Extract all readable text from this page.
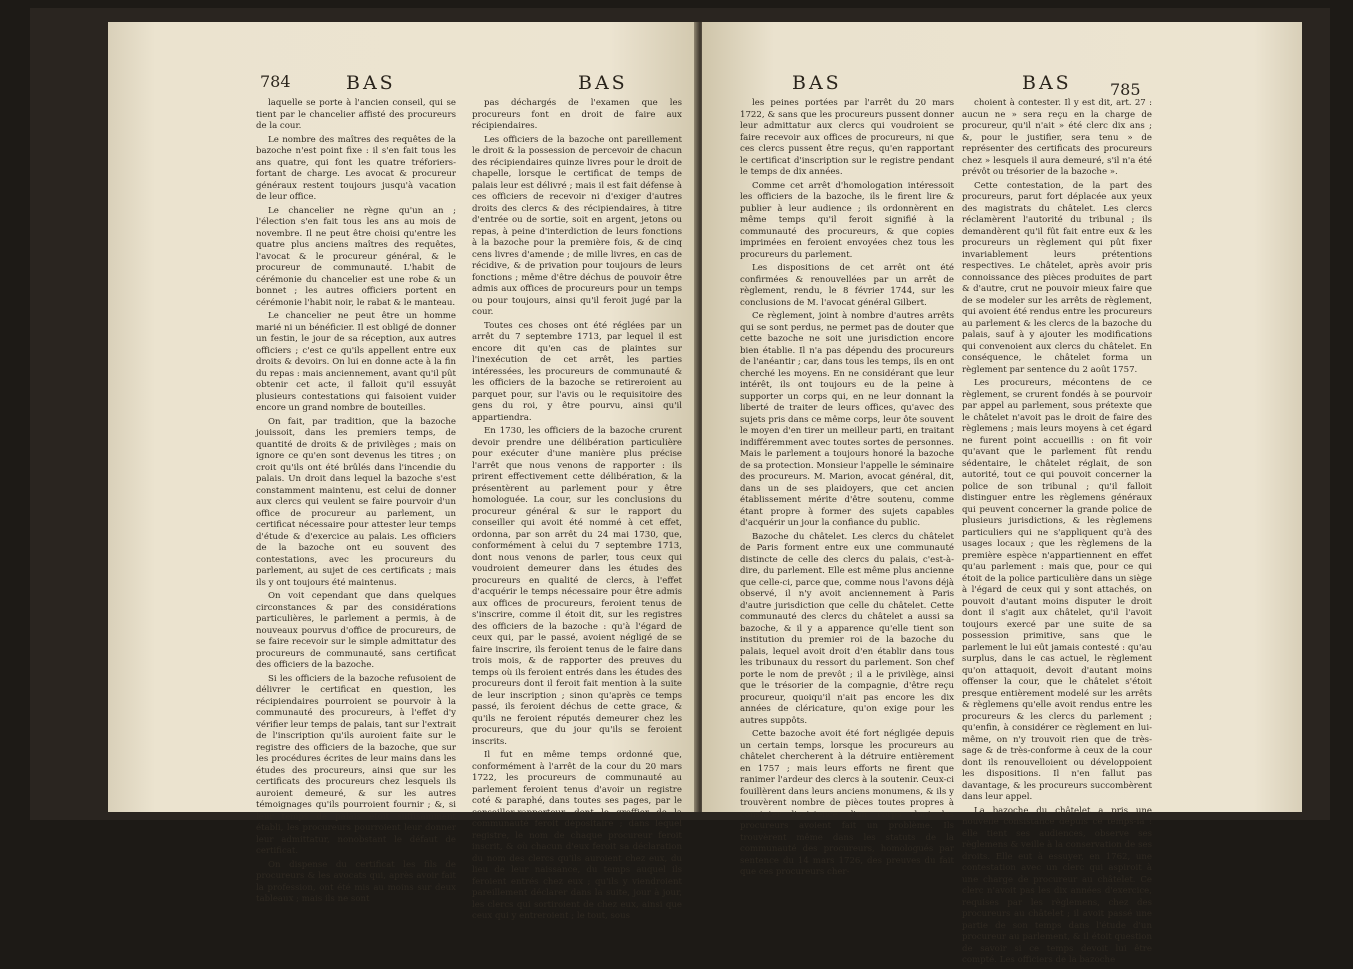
784	BAS	BAS

laquelle se porte à l'ancien conseil, qui se tient par le chancelier affisté des procureurs de la cour.

Le nombre des maîtres des requêtes de la bazoche n'est point fixe : il s'en fait tous les ans quatre, qui font les quatre tréforiers-fortant de charge. Les avocat & procureur généraux restent toujours jusqu'à vacation de leur office.

Le chancelier ne règne qu'un an ; l'élection s'en fait tous les ans au mois de novembre. Il ne peut être choisi qu'entre les quatre plus anciens maîtres des requêtes, l'avocat & le procureur général, & le procureur de communauté. L'habit de cérémonie du chancelier est une robe & un bonnet ; les autres officiers portent en cérémonie l'habit noir, le rabat & le manteau.

Le chancelier ne peut être un homme marié ni un bénéficier. Il est obligé de donner un festin, le jour de sa réception, aux autres officiers ; c'est ce qu'ils appellent entre eux droits & devoirs. On lui en donne acte à la fin du repas : mais anciennement, avant qu'il pût obtenir cet acte, il falloit qu'il essuyât plusieurs contestations qui faisoient vuider encore un grand nombre de bouteilles.

On fait, par tradition, que la bazoche jouissoit, dans les premiers temps, de quantité de droits & de privilèges ; mais on ignore ce qu'en sont devenus les titres ; on croit qu'ils ont été brûlés dans l'incendie du palais. Un droit dans lequel la bazoche s'est constamment maintenu, est celui de donner aux clercs qui veulent se faire pourvoir d'un office de procureur au parlement, un certificat nécessaire pour attester leur temps d'étude & d'exercice au palais. Les officiers de la bazoche ont eu souvent des contestations, avec les procureurs du parlement, au sujet de ces certificats ; mais ils y ont toujours été maintenus.

On voit cependant que dans quelques circonstances & par des considérations particulières, le parlement a permis, à de nouveaux pourvus d'office de procureurs, de se faire recevoir sur le simple admittatur des procureurs de communauté, sans certificat des officiers de la bazoche.

Si les officiers de la bazoche refusoient de délivrer le certificat en question, les récipiendaires pourroient se pourvoir à la communauté des procureurs, à l'effet d'y vérifier leur temps de palais, tant sur l'extrait de l'inscription qu'ils auroient faite sur le registre des officiers de la bazoche, que sur les procédures écrites de leur mains dans les études des procureurs, ainsi que sur les certificats des procureurs chez lesquels ils auroient demeuré, & sur les autres témoignages qu'ils pourroient fournir ; &, si leur temps de palais étoit suffisamment établi, les procureurs pourroient leur donner leur admittatur, nonobstant le défaut de certificat.

On dispense du certificat les fils de procureurs & les avocats qui, après avoir fait la profession, ont été mis au moins sur deux tableaux ; mais ils ne sont

pas déchargés de l'examen que les procureurs font en droit de faire aux récipiendaires.

Les officiers de la bazoche ont pareillement le droit & la possession de percevoir de chacun des récipiendaires quinze livres pour le droit de chapelle, lorsque le certificat de temps de palais leur est délivré ; mais il est fait défense à ces officiers de recevoir ni d'exiger d'autres droits des clercs & des récipiendaires, à titre d'entrée ou de sortie, soit en argent, jetons ou repas, à peine d'interdiction de leurs fonctions à la bazoche pour la première fois, & de cinq cens livres d'amende ; de mille livres, en cas de récidive, & de privation pour toujours de leurs fonctions ; même d'être déchus de pouvoir être admis aux offices de procureurs pour un temps ou pour toujours, ainsi qu'il feroit jugé par la cour.

Toutes ces choses ont été réglées par un arrêt du 7 septembre 1713, par lequel il est encore dit qu'en cas de plaintes sur l'inexécution de cet arrêt, les parties intéressées, les procureurs de communauté & les officiers de la bazoche se retireroient au parquet pour, sur l'avis ou le requisitoire des gens du roi, y être pourvu, ainsi qu'il appartiendra.

En 1730, les officiers de la bazoche crurent devoir prendre une délibération particulière pour exécuter d'une manière plus précise l'arrêt que nous venons de rapporter : ils prirent effectivement cette délibération, & la présentèrent au parlement pour y être homologuée. La cour, sur les conclusions du procureur général & sur le rapport du conseiller qui avoit été nommé à cet effet, ordonna, par son arrêt du 24 mai 1730, que, conformément à celui du 7 septembre 1713, dont nous venons de parler, tous ceux qui voudroient demeurer dans les études des procureurs en qualité de clercs, à l'effet d'acquérir le temps nécessaire pour être admis aux offices de procureurs, feroient tenus de s'inscrire, comme il étoit dit, sur les registres des officiers de la bazoche : qu'à l'égard de ceux qui, par le passé, avoient négligé de se faire inscrire, ils feroient tenus de le faire dans trois mois, & de rapporter des preuves du temps où ils feroient entrés dans les études des procureurs dont il feroit fait mention à la suite de leur inscription ; sinon qu'après ce temps passé, ils feroient déchus de cette grace, & qu'ils ne feroient réputés demeurer chez les procureurs, que du jour qu'ils se feroient inscrits.

Il fut en même temps ordonné que, conformément à l'arrêt de la cour du 20 mars 1722, les procureurs de communauté au parlement feroient tenus d'avoir un registre coté & paraphé, dans toutes ses pages, par le conseiller-rapporteur, dont le greffier de la communauté feroit dépositaire ; dans lequel registre, le nom de chaque procureur feroit inscrit, & où chacun d'eux feroit sa déclaration du nom des clercs qu'ils auroient chez eux, du lieu de leur naissance, du temps auquel ils feroient entrés chez eux ; qu'ils y viendroient pareillement déclarer dans la suite, jour à jour, les clercs qui sortiroient de chez eux, ainsi que ceux qui y entreroient ; le tout, sous

BAS	BAS 785

les peines portées par l'arrêt du 20 mars 1722, & sans que les procureurs pussent donner leur admittatur aux clercs qui voudroient se faire recevoir aux offices de procureurs, ni que ces clercs pussent être reçus, qu'en rapportant le certificat d'inscription sur le registre pendant le temps de dix années.

Comme cet arrêt d'homologation intéressoit les officiers de la bazoche, ils le firent lire & publier à leur audience ; ils ordonnèrent en même temps qu'il feroit signifié à la communauté des procureurs, & que copies imprimées en feroient envoyées chez tous les procureurs du parlement.

Les dispositions de cet arrêt ont été confirmées & renouvellées par un arrêt de règlement, rendu, le 8 février 1744, sur les conclusions de M. l'avocat général Gilbert.

Ce règlement, joint à nombre d'autres arrêts qui se sont perdus, ne permet pas de douter que cette bazoche ne soit une jurisdiction encore bien établie. Il n'a pas dépendu des procureurs de l'anéantir ; car, dans tous les temps, ils en ont cherché les moyens. En ne considérant que leur intérêt, ils ont toujours eu de la peine à supporter un corps qui, en ne leur donnant la liberté de traiter de leurs offices, qu'avec des sujets pris dans ce même corps, leur ôte souvent le moyen d'en tirer un meilleur parti, en traitant indifféremment avec toutes sortes de personnes. Mais le parlement a toujours honoré la bazoche de sa protection. Monsieur l'appelle le séminaire des procureurs. M. Marion, avocat général, dit, dans un de ses plaidoyers, que cet ancien établissement mérite d'être soutenu, comme étant propre à former des sujets capables d'acquérir un jour la confiance du public.

Bazoche du châtelet. Les clercs du châtelet de Paris forment entre eux une communauté distincte de celle des clercs du palais, c'est-à-dire, du parlement. Elle est même plus ancienne que celle-ci, parce que, comme nous l'avons déjà observé, il n'y avoit anciennement à Paris d'autre jurisdiction que celle du châtelet. Cette communauté des clercs du châtelet a aussi sa bazoche, & il y a apparence qu'elle tient son institution du premier roi de la bazoche du palais, lequel avoit droit d'en établir dans tous les tribunaux du ressort du parlement. Son chef porte le nom de prevôt ; il a le privilège, ainsi que le trésorier de la compagnie, d'être reçu procureur, quoiqu'il n'ait pas encore les dix années de cléricature, qu'on exige pour les autres suppôts.

Cette bazoche avoit été fort négligée depuis un certain temps, lorsque les procureurs au châtelet chercherent à la détruire entièrement en 1757 ; mais leurs efforts ne firent que ranimer l'ardeur des clercs à la soutenir. Ceux-ci fouillèrent dans leurs anciens monumens, & ils y trouvèrent nombre de pièces toutes propres à constater l'existence d'un corps dont les procureurs avoient fait un problème. Ils trouvèrent même dans les statuts de la communauté des procureurs, homologués par sentence du 14 mars 1726, des preuves du fait que ces procureurs cher-

choient à contester. Il y est dit, art. 27 : aucun ne » sera reçu en la charge de procureur, qu'il n'ait » été clerc dix ans ; &, pour le justifier, sera tenu » de représenter des certificats des procureurs chez » lesquels il aura demeuré, s'il n'a été prévôt ou trésorier de la bazoche ».

Cette contestation, de la part des procureurs, parut fort déplacée aux yeux des magistrats du châtelet. Les clercs réclamèrent l'autorité du tribunal ; ils demandèrent qu'il fût fait entre eux & les procureurs un règlement qui pût fixer invariablement leurs prétentions respectives. Le châtelet, après avoir pris connoissance des pièces produites de part & d'autre, crut ne pouvoir mieux faire que de se modeler sur les arrêts de règlement, qui avoient été rendus entre les procureurs au parlement & les clercs de la bazoche du palais, sauf à y ajouter les modifications qui convenoient aux clercs du châtelet. En conséquence, le châtelet forma un règlement par sentence du 2 août 1757.

Les procureurs, mécontens de ce règlement, se crurent fondés à se pourvoir par appel au parlement, sous prétexte que le châtelet n'avoit pas le droit de faire des règlemens ; mais leurs moyens à cet égard ne furent point accueillis : on fit voir qu'avant que le parlement fût rendu sédentaire, le châtelet réglait, de son autorité, tout ce qui pouvoit concerner la police de son tribunal ; qu'il falloit distinguer entre les règlemens généraux qui peuvent concerner la grande police de plusieurs jurisdictions, & les règlemens particuliers qui ne s'appliquent qu'à des usages locaux ; que les règlemens de la première espèce n'appartiennent en effet qu'au parlement : mais que, pour ce qui étoit de la police particulière dans un siège à l'égard de ceux qui y sont attachés, on pouvoit d'autant moins disputer le droit dont il s'agit aux châtelet, qu'il l'avoit toujours exercé par une suite de sa possession primitive, sans que le parlement le lui eût jamais contesté : qu'au surplus, dans le cas actuel, le règlement qu'on attaquoit, devoit d'autant moins offenser la cour, que le châtelet s'étoit presque entièrement modelé sur les arrêts & règlemens qu'elle avoit rendus entre les procureurs & les clercs du parlement ; qu'enfin, à considérer ce règlement en lui-même, on n'y trouvoit rien que de très-sage & de très-conforme à ceux de la cour dont ils renouvelloient ou développoient les dispositions. Il n'en fallut pas davantage, & les procureurs succombèrent dans leur appel.

La bazoche du châtelet a pris une nouvelle consistance depuis ce temps-là : elle tient ses audiences, observe ses règlemens & veille à la conservation de ses droits. Elle eut à essuyer, en 1762, une contestation avec un clerc qui aspiroit à une charge de procureur au châtelet. Ce clerc n'avoit pas les dix années d'exercice, requises par les règlemens, chez des procureurs au châtelet ; il avoit passé une partie de son temps dans l'étude d'un procureur au parlement, & il étoit question de savoir si ce temps devoit lui être compté. Les officiers de la bazoche
